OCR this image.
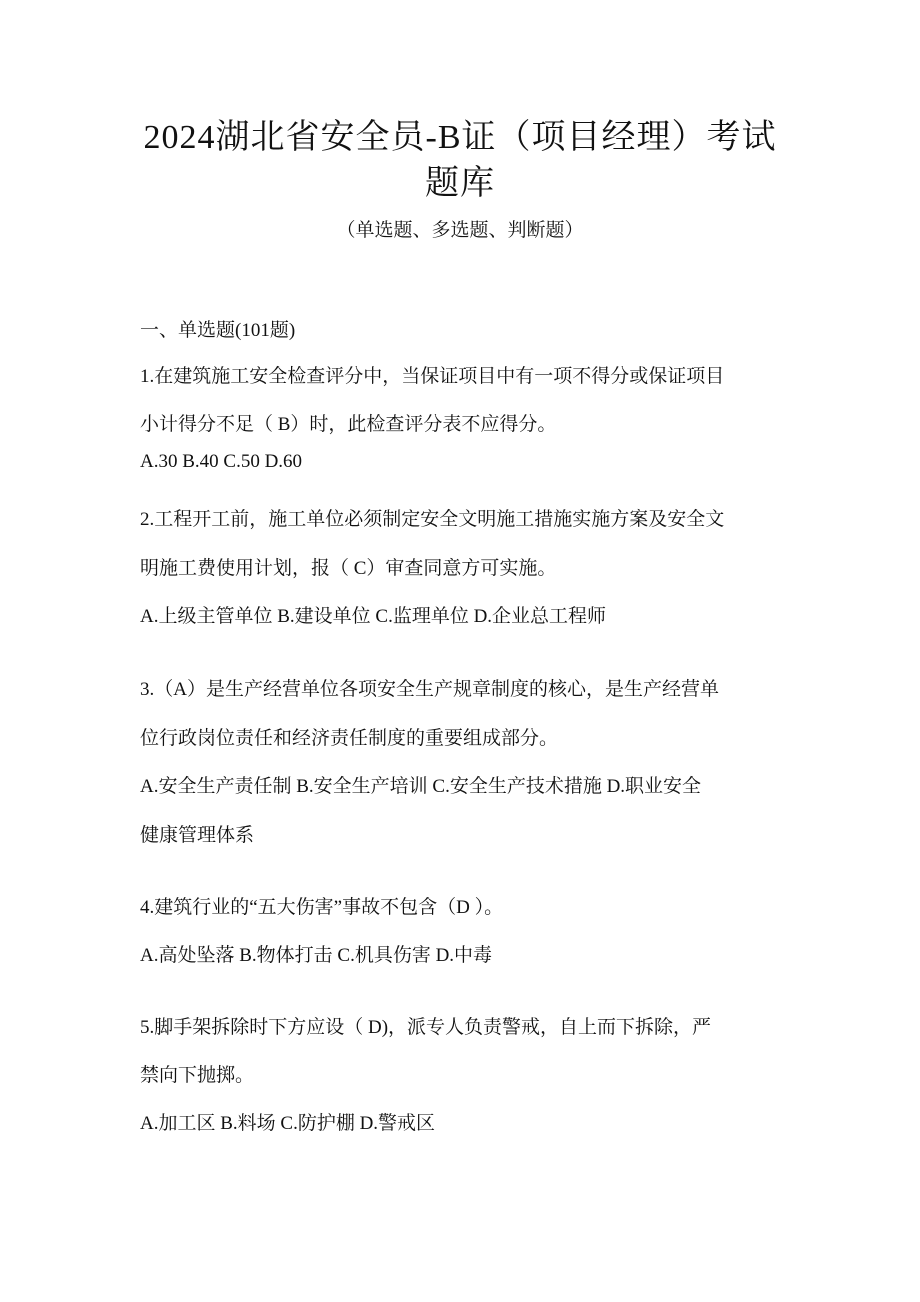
2024湖北省安全员-B证（项目经理）考试
题库
（单选题、多选题、判断题）
一、单选题(101题)
1.在建筑施工安全检查评分中，当保证项目中有一项不得分或保证项目
小计得分不足（ B）时，此检查评分表不应得分。
A.30 B.40 C.50 D.60
2.工程开工前，施工单位必须制定安全文明施工措施实施方案及安全文
明施工费使用计划，报（ C）审查同意方可实施。
A.上级主管单位 B.建设单位 C.监理单位 D.企业总工程师
3.（A）是生产经营单位各项安全生产规章制度的核心，是生产经营单
位行政岗位责任和经济责任制度的重要组成部分。
A.安全生产责任制 B.安全生产培训 C.安全生产技术措施 D.职业安全
健康管理体系
4.建筑行业的“五大伤害”事故不包含（D ）。
A.高处坠落 B.物体打击 C.机具伤害 D.中毒
5.脚手架拆除时下方应设（ D)，派专人负责警戒，自上而下拆除，严
禁向下抛掷。
A.加工区 B.料场 C.防护棚 D.警戒区
